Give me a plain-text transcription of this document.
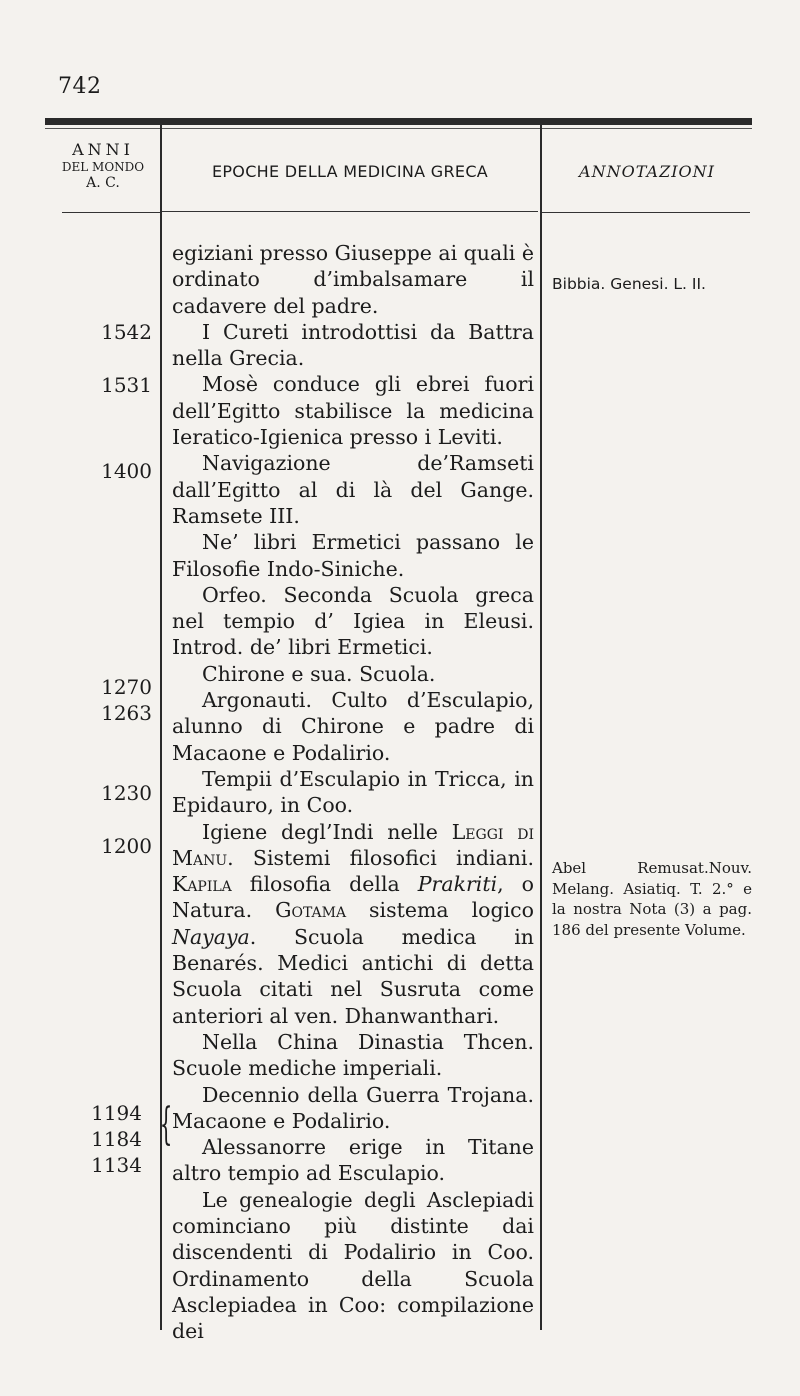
742
ANNI
DEL MONDO
A. C.
EPOCHE DELLA MEDICINA GRECA	ANNOTAZIONI
1542
1531
1400
1270
1263
1230
1200
1194
1184
1134
{

egiziani presso Giuseppe ai quali è ordinato d’imbalsamare il cadavere del padre.

I Cureti introdottisi da Battra nella Grecia.

Mosè conduce gli ebrei fuori dell’Egitto stabilisce la medicina Ieratico-Igienica presso i Leviti.

Navigazione de’Ramseti dall’Egitto al di là del Gange. Ramsete III.

Ne’ libri Ermetici passano le Filosofie Indo-Siniche.

Orfeo. Seconda Scuola greca nel tempio d’ Igiea in Eleusi. Introd. de’ libri Ermetici.

Chirone e sua. Scuola.

Argonauti. Culto d’Esculapio, alunno di Chirone e padre di Macaone e Podalirio.

Tempii d’Esculapio in Tricca, in Epidauro, in Coo.

Igiene degl’Indi nelle Leggi di Manu. Sistemi filosofici indiani. Kapila filosofia della Prakriti, o Natura. Gotama sistema logico Nayaya. Scuola medica in Benarés. Medici antichi di detta Scuola citati nel Susruta come anteriori al ven. Dhanwanthari.

Nella China Dinastia Thcen. Scuole mediche imperiali.

Decennio della Guerra Trojana. Macaone e Podalirio.

Alessanorre erige in Titane altro tempio ad Esculapio.

Le genealogie degli Asclepiadi cominciano più distinte dai discendenti di Podalirio in Coo. Ordinamento della Scuola Asclepiadea in Coo: compilazione dei

Bibbia. Genesi. L. II.
Abel Remusat.Nouv. Melang. Asiatiq. T. 2.° e la nostra Nota (3) a pag. 186 del presente Volume.
